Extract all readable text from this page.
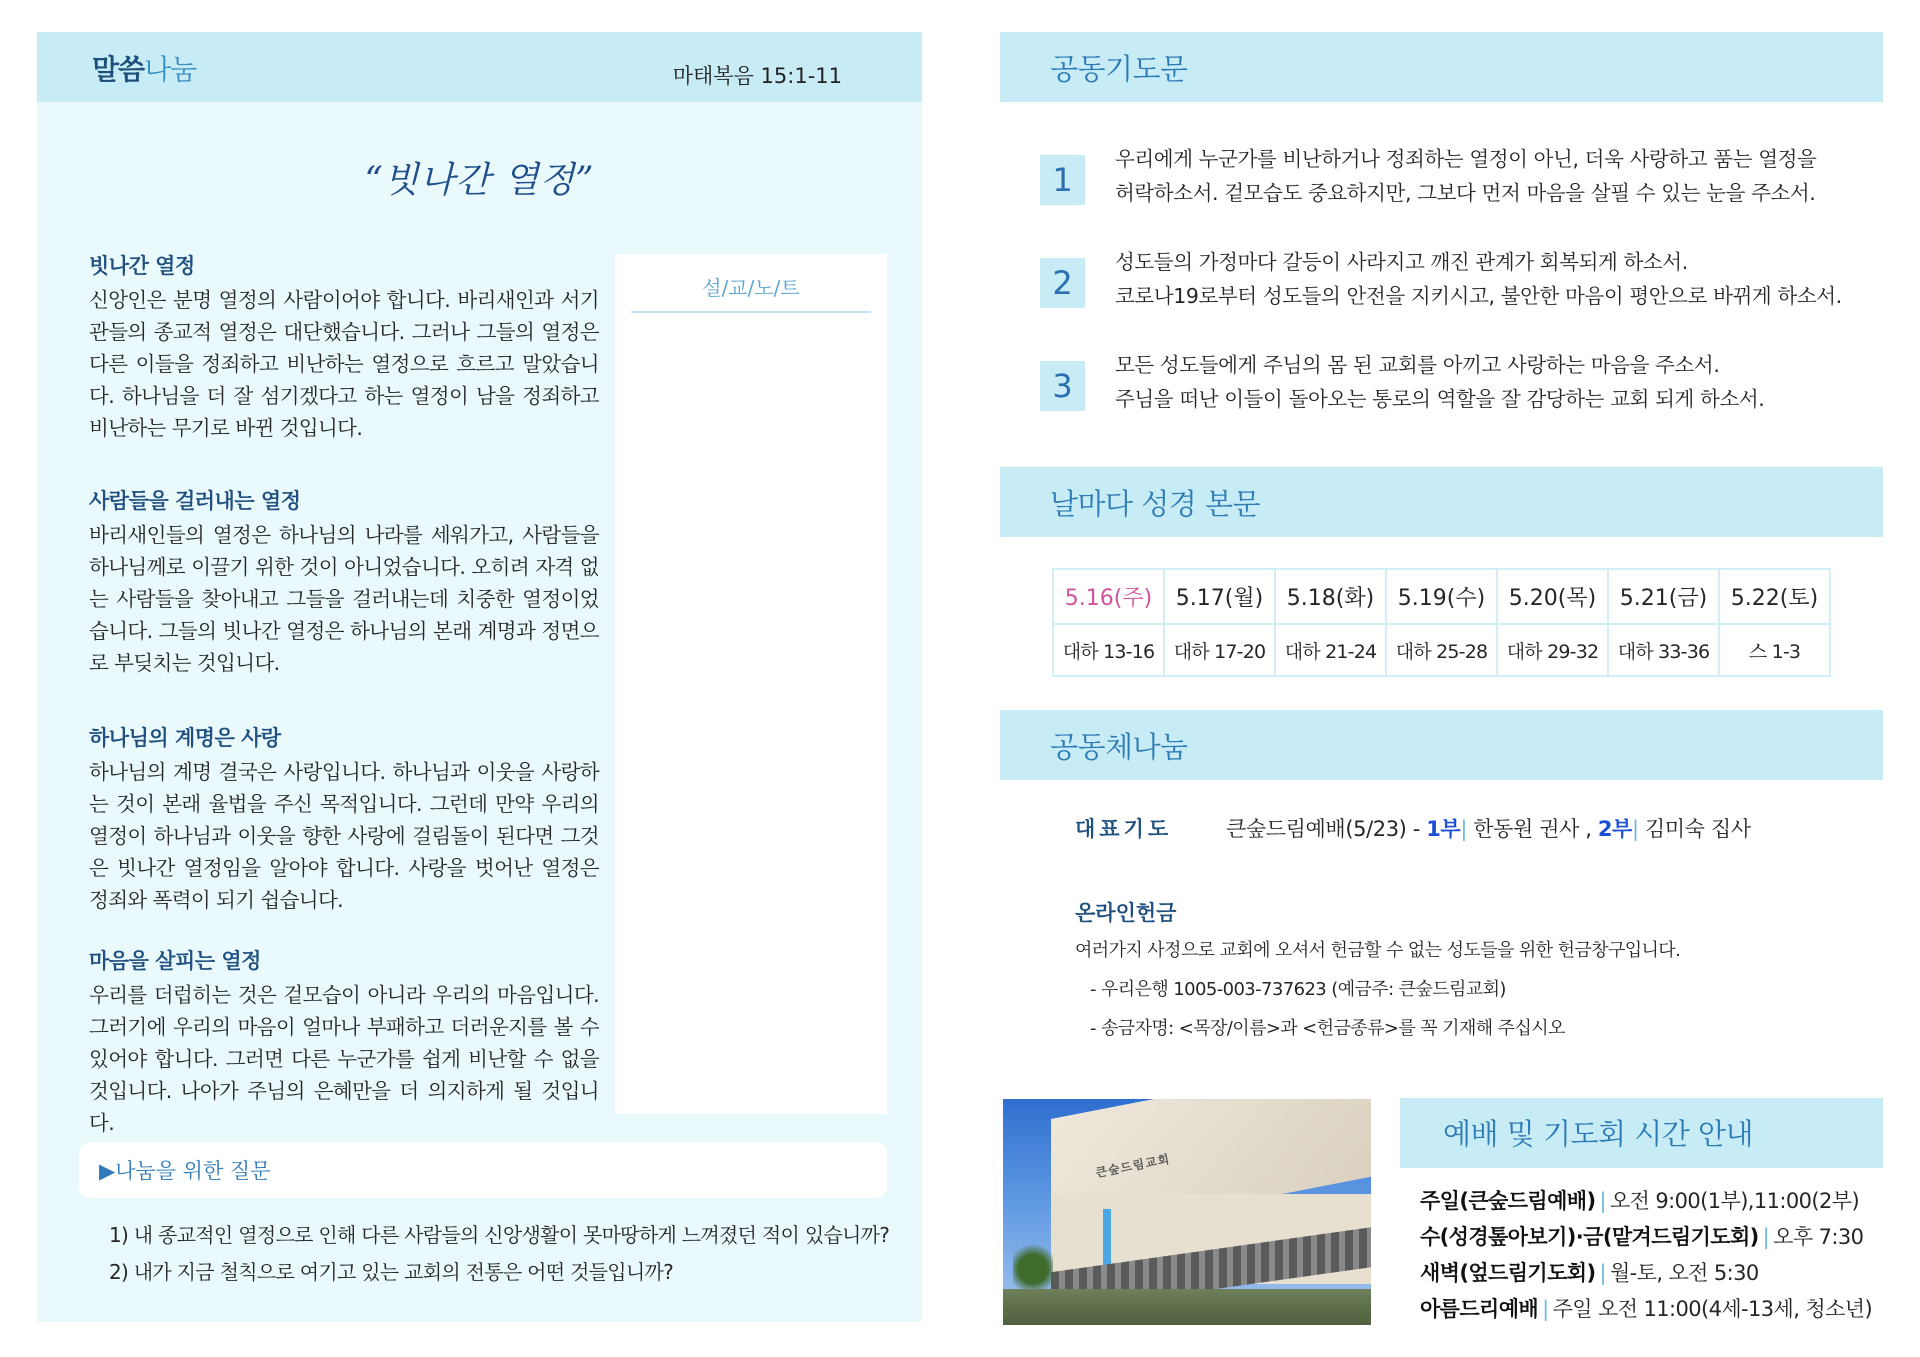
말씀나눔	마태복음 15:1-11
“빗나간 열정”
설/교/노/트
빗나간 열정

신앙인은 분명 열정의 사람이어야 합니다. 바리새인과 서기관들의 종교적 열정은 대단했습니다. 그러나 그들의 열정은 다른 이들을 정죄하고 비난하는 열정으로 흐르고 말았습니다. 하나님을 더 잘 섬기겠다고 하는 열정이 남을 정죄하고 비난하는 무기로 바뀐 것입니다.

사람들을 걸러내는 열정

바리새인들의 열정은 하나님의 나라를 세워가고, 사람들을 하나님께로 이끌기 위한 것이 아니었습니다. 오히려 자격 없는 사람들을 찾아내고 그들을 걸러내는데 치중한 열정이었습니다. 그들의 빗나간 열정은 하나님의 본래 계명과 정면으로 부딪치는 것입니다.

하나님의 계명은 사랑

하나님의 계명 결국은 사랑입니다. 하나님과 이웃을 사랑하는 것이 본래 율법을 주신 목적입니다. 그런데 만약 우리의 열정이 하나님과 이웃을 향한 사랑에 걸림돌이 된다면 그것은 빗나간 열정임을 알아야 합니다. 사랑을 벗어난 열정은 정죄와 폭력이 되기 쉽습니다.

마음을 살피는 열정

우리를 더럽히는 것은 겉모습이 아니라 우리의 마음입니다. 그러기에 우리의 마음이 얼마나 부패하고 더러운지를 볼 수 있어야 합니다. 그러면 다른 누군가를 쉽게 비난할 수 없을 것입니다. 나아가 주님의 은혜만을 더 의지하게 될 것입니다.

▶나눔을 위한 질문
1) 내 종교적인 열정으로 인해 다른 사람들의 신앙생활이 못마땅하게 느껴졌던 적이 있습니까?
2) 내가 지금 철칙으로 여기고 있는 교회의 전통은 어떤 것들입니까?
공동기도문
1
우리에게 누군가를 비난하거나 정죄하는 열정이 아닌, 더욱 사랑하고 품는 열정을
허락하소서. 겉모습도 중요하지만, 그보다 먼저 마음을 살필 수 있는 눈을 주소서.
2
성도들의 가정마다 갈등이 사라지고 깨진 관계가 회복되게 하소서.
코로나19로부터 성도들의 안전을 지키시고, 불안한 마음이 평안으로 바뀌게 하소서.
3
모든 성도들에게 주님의 몸 된 교회를 아끼고 사랑하는 마음을 주소서.
주님을 떠난 이들이 돌아오는 통로의 역할을 잘 감당하는 교회 되게 하소서.
날마다 성경 본문
5.16(주)	5.17(월)	5.18(화)	5.19(수)	5.20(목)	5.21(금)	5.22(토)
대하 13-16	대하 17-20	대하 21-24	대하 25-28	대하 29-32	대하 33-36	스 1-3
공동체나눔
대표기도	큰숲드림예배(5/23) - 1부| 한동원 권사 , 2부| 김미숙 집사
온라인헌금
여러가지 사정으로 교회에 오셔서 헌금할 수 없는 성도들을 위한 헌금창구입니다.
- 우리은행 1005-003-737623 (예금주: 큰숲드림교회)
- 송금자명: <목장/이름>과 <헌금종류>를 꼭 기재해 주십시오
큰숲드림교회
예배 및 기도회 시간 안내
주일(큰숲드림예배) | 오전 9:00(1부),11:00(2부)
수(성경톺아보기)·금(맡겨드림기도회) | 오후 7:30
새벽(엎드림기도회) | 월-토, 오전 5:30
아름드리예배 | 주일 오전 11:00(4세-13세, 청소년)
